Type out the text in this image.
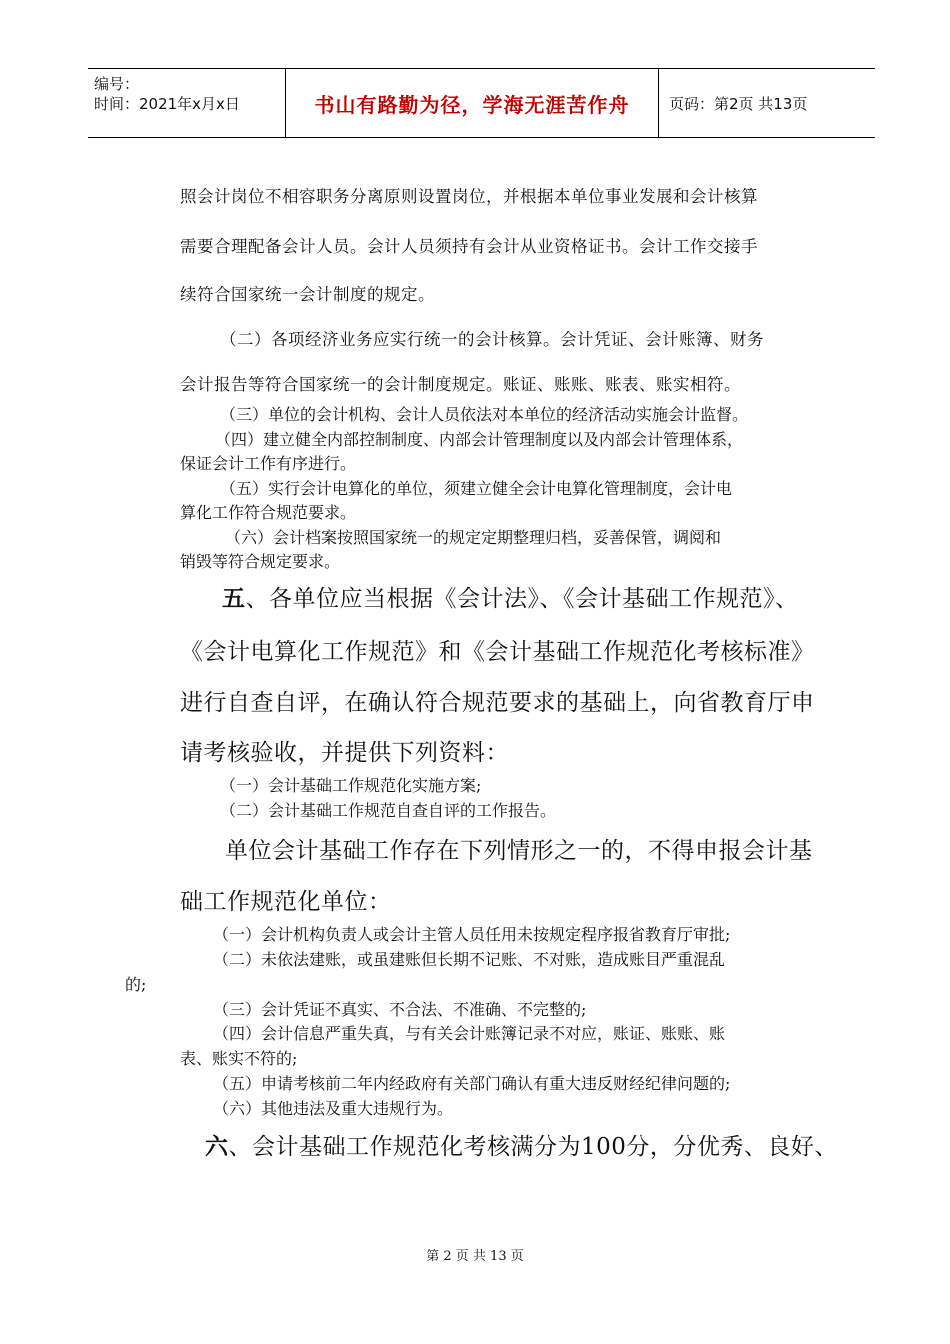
编号：
时间：2021年x月x日	书山有路勤为径，学海无涯苦作舟	页码：第2页 共13页
照会计岗位不相容职务分离原则设置岗位，并根据本单位事业发展和会计核算
需要合理配备会计人员。会计人员须持有会计从业资格证书。会计工作交接手
续符合国家统一会计制度的规定。
（二）各项经济业务应实行统一的会计核算。会计凭证、会计账簿、财务
会计报告等符合国家统一的会计制度规定。账证、账账、账表、账实相符。
（三）单位的会计机构、会计人员依法对本单位的经济活动实施会计监督。
（四）建立健全内部控制制度、内部会计管理制度以及内部会计管理体系，
保证会计工作有序进行。
（五）实行会计电算化的单位，须建立健全会计电算化管理制度，会计电
算化工作符合规范要求。
（六）会计档案按照国家统一的规定定期整理归档，妥善保管，调阅和
销毁等符合规定要求。
五、各单位应当根据《会计法》、《会计基础工作规范》、
《会计电算化工作规范》和《会计基础工作规范化考核标准》
进行自查自评，在确认符合规范要求的基础上，向省教育厅申
请考核验收，并提供下列资料：
（一）会计基础工作规范化实施方案;
（二）会计基础工作规范自查自评的工作报告。
单位会计基础工作存在下列情形之一的，不得申报会计基
础工作规范化单位：
（一）会计机构负责人或会计主管人员任用未按规定程序报省教育厅审批;
（二）未依法建账，或虽建账但长期不记账、不对账，造成账目严重混乱
的;
（三）会计凭证不真实、不合法、不准确、不完整的;
（四）会计信息严重失真，与有关会计账簿记录不对应，账证、账账、账
表、账实不符的;
（五）申请考核前二年内经政府有关部门确认有重大违反财经纪律问题的;
（六）其他违法及重大违规行为。
六、会计基础工作规范化考核满分为100分，分优秀、良好、
第 2 页 共 13 页
